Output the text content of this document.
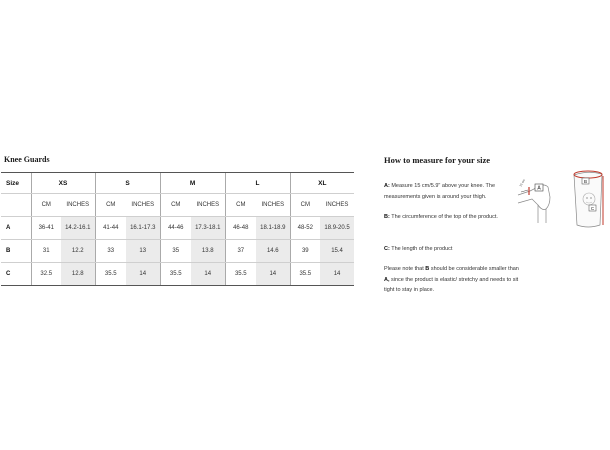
Knee Guards
Size	XS		S		M		L		XL	
	CM	INCHES	CM	INCHES	CM	INCHES	CM	INCHES	CM	INCHES
A	36-41	14.2-16.1	41-44	16.1-17.3	44-46	17.3-18.1	46-48	18.1-18.9	48-52	18.9-20.5
B	31	12.2	33	13	35	13.8	37	14.6	39	15.4
C	32.5	12.8	35.5	14	35.5	14	35.5	14	35.5	14
How to measure for your size
A: Measure 15 cm/5.9" above your knee. The measurements given is around your thigh.
B: The circumference of the top of the product.
C: The length of the product
Please note that B should be considerable smaller than A, since the product is elastic/ stretchy and needs to sit tight to stay in place.
A
15 cm	B
C
